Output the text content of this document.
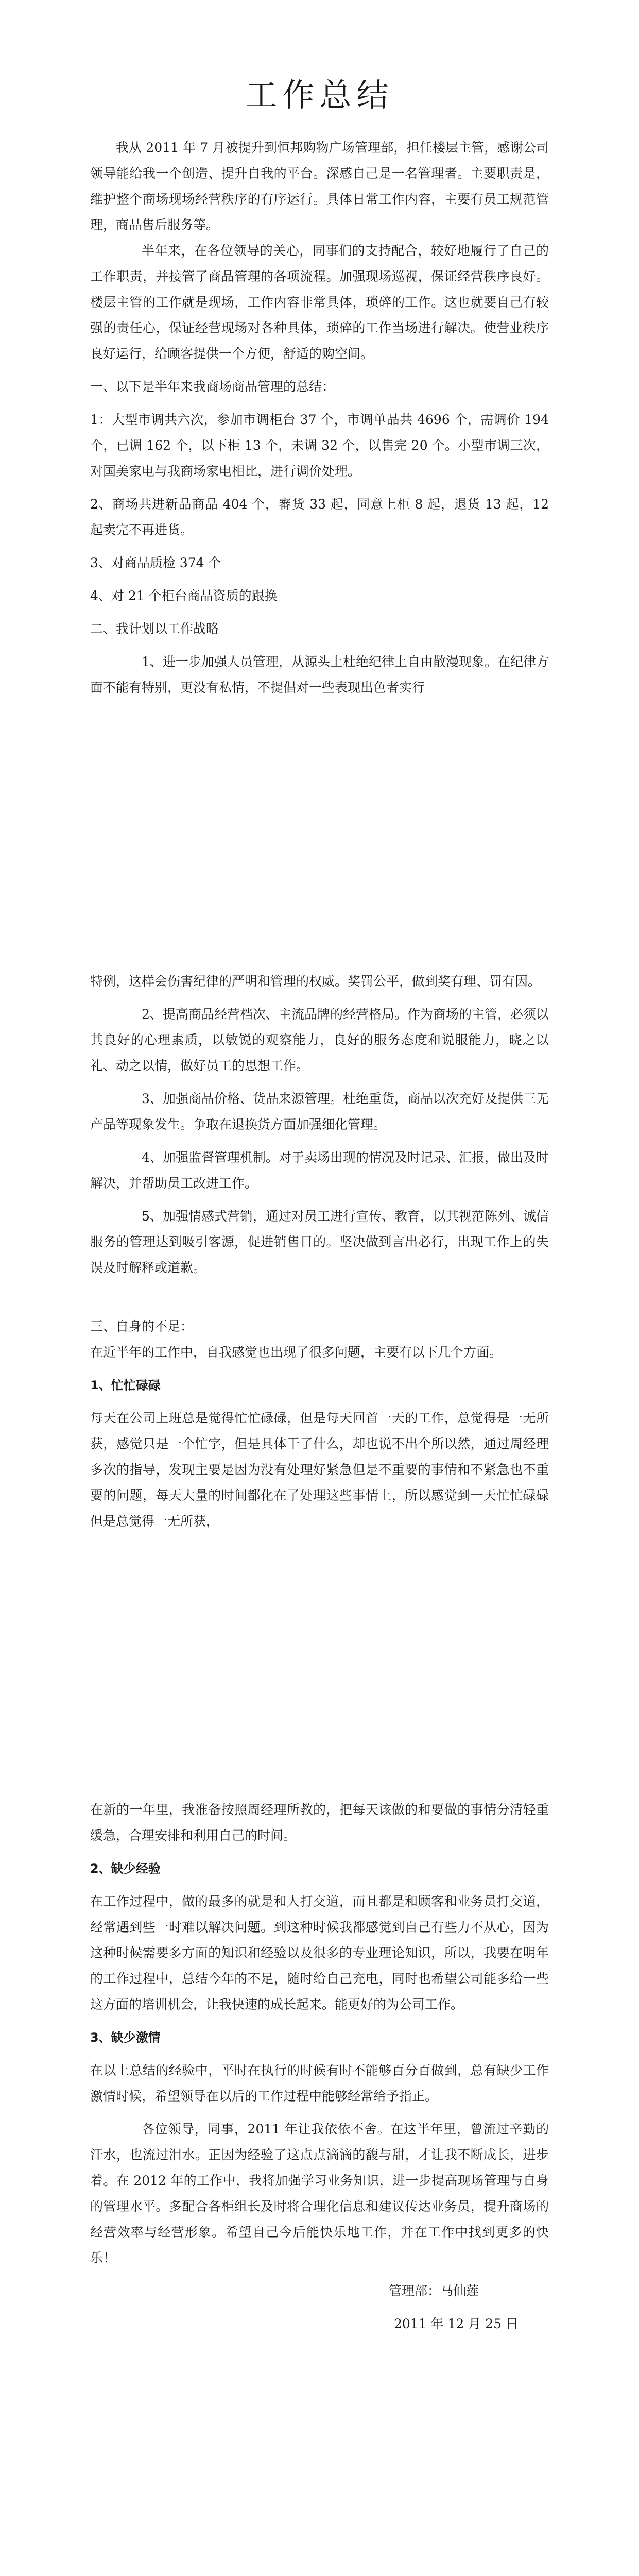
工作总结

我从 2011 年 7 月被提升到恒邦购物广场管理部，担任楼层主管，感谢公司领导能给我一个创造、提升自我的平台。深感自己是一名管理者。主要职责是，维护整个商场现场经营秩序的有序运行。具体日常工作内容，主要有员工规范管理，商品售后服务等。

半年来，在各位领导的关心，同事们的支持配合，较好地履行了自己的工作职责，并接管了商品管理的各项流程。加强现场巡视，保证经营秩序良好。楼层主管的工作就是现场，工作内容非常具体，琐碎的工作。这也就要自己有较强的责任心，保证经营现场对各种具体，琐碎的工作当场进行解决。使营业秩序良好运行，给顾客提供一个方便，舒适的购空间。

一、以下是半年来我商场商品管理的总结：

1：大型市调共六次，参加市调柜台 37 个，市调单品共 4696 个，需调价 194 个，已调 162 个，以下柜 13 个，未调 32 个，以售完 20 个。小型市调三次，对国美家电与我商场家电相比，进行调价处理。

2、商场共进新品商品 404 个，審货 33 起，同意上柜 8 起，退货 13 起，12 起卖完不再进货。

3、对商品质检 374 个

4、对 21 个柜台商品资质的跟换

二、我计划以工作战略

1、进一步加强人员管理，从源头上杜绝纪律上自由散漫现象。在纪律方面不能有特别，更没有私情，不提倡对一些表现出色者实行

特例，这样会伤害纪律的严明和管理的权威。奖罚公平，做到奖有理、罚有因。

2、提高商品经营档次、主流品牌的经营格局。作为商场的主管，必须以其良好的心理素质，以敏锐的观察能力，良好的服务态度和说服能力，晓之以礼、动之以情，做好员工的思想工作。

3、加强商品价格、货品来源管理。杜绝重货，商品以次充好及提供三无产品等现象发生。争取在退换货方面加强细化管理。

4、加强监督管理机制。对于卖场出现的情况及时记录、汇报，做出及时解决，并帮助员工改进工作。

5、加强情感式营销，通过对员工进行宣传、教育，以其视范陈列、诚信服务的管理达到吸引客源，促进销售目的。坚决做到言出必行，出现工作上的失误及时解释或道歉。

三、自身的不足：

在近半年的工作中，自我感觉也出现了很多问题，主要有以下几个方面。

1、忙忙碌碌

每天在公司上班总是觉得忙忙碌碌，但是每天回首一天的工作，总觉得是一无所获，感觉只是一个忙字，但是具体干了什么，却也说不出个所以然，通过周经理多次的指导，发现主要是因为没有处理好紧急但是不重要的事情和不紧急也不重要的问题，每天大量的时间都化在了处理这些事情上，所以感觉到一天忙忙碌碌但是总觉得一无所获，

在新的一年里，我准备按照周经理所教的，把每天该做的和要做的事情分清轻重缓急，合理安排和利用自己的时间。

2、缺少经验

在工作过程中，做的最多的就是和人打交道，而且都是和顾客和业务员打交道，经常遇到些一时难以解决问题。到这种时候我都感觉到自己有些力不从心，因为这种时候需要多方面的知识和经验以及很多的专业理论知识，所以，我要在明年的工作过程中，总结今年的不足，随时给自己充电，同时也希望公司能多给一些这方面的培训机会，让我快速的成长起来。能更好的为公司工作。

3、缺少激情

在以上总结的经验中，平时在执行的时候有时不能够百分百做到，总有缺少工作激情时候，希望领导在以后的工作过程中能够经常给予指正。

各位领导，同事，2011 年让我依依不舍。在这半年里，曾流过辛勤的汗水，也流过泪水。正因为经验了这点点滴滴的馥与甜，才让我不断成长，进步着。在 2012 年的工作中，我将加强学习业务知识，进一步提高现场管理与自身的管理水平。多配合各柜组长及时将合理化信息和建议传达业务员，提升商场的经营效率与经营形象。希望自己今后能快乐地工作，并在工作中找到更多的快乐！

管理部：马仙莲

2011 年 12 月 25 日
